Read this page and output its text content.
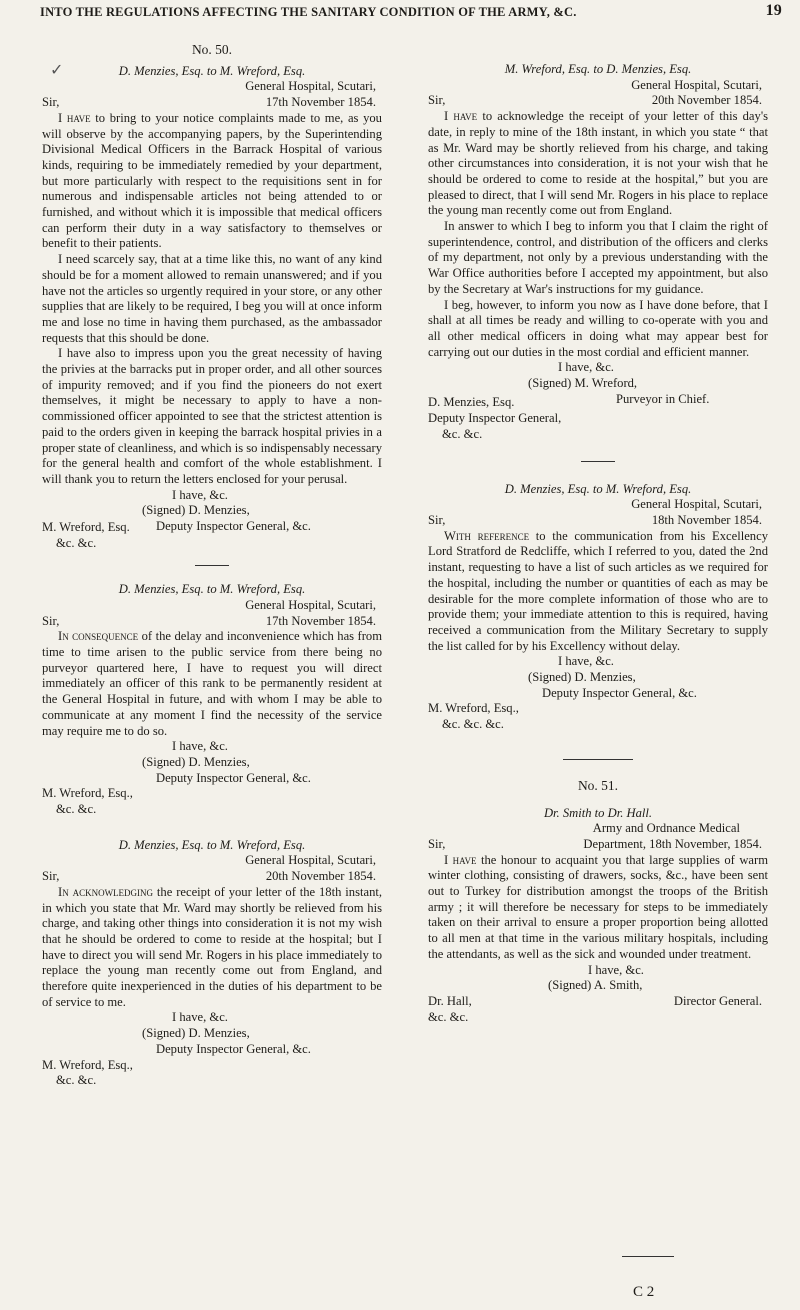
INTO THE REGULATIONS AFFECTING THE SANITARY CONDITION OF THE ARMY, &C.	19
✓
No. 50.
D. Menzies, Esq. to M. Wreford, Esq.
General Hospital, Scutari,
Sir,	17th November 1854.

I have to bring to your notice complaints made to me, as you will observe by the accompanying papers, by the Superintending Divisional Medical Officers in the Barrack Hospital of various kinds, requiring to be immediately remedied by your department, but more particularly with respect to the requisitions sent in for numerous and indispensable articles not being attended to or furnished, and without which it is impossible that medical officers can perform their duty in a way satisfactory to themselves or benefit to their patients.

I need scarcely say, that at a time like this, no want of any kind should be for a moment allowed to remain unanswered; and if you have not the articles so urgently required in your store, or any other supplies that are likely to be required, I beg you will at once inform me and lose no time in having them purchased, as the ambassador requests that this should be done.

I have also to impress upon you the great necessity of having the privies at the barracks put in proper order, and all other sources of impurity removed; and if you find the pioneers do not exert themselves, it might be necessary to apply to have a non-commissioned officer appointed to see that the strictest attention is paid to the orders given in keeping the barrack hospital privies in a proper state of cleanliness, and which is so indispensably necessary for the general health and comfort of the whole establishment. I will thank you to return the letters enclosed for your perusal.

I have, &c.
(Signed) D. Menzies,
Deputy Inspector General, &c.
M. Wreford, Esq.
&c. &c.
D. Menzies, Esq. to M. Wreford, Esq.
General Hospital, Scutari,
Sir,	17th November 1854.

In consequence of the delay and inconvenience which has from time to time arisen to the public service from there being no purveyor quartered here, I have to request you will direct immediately an officer of this rank to be permanently resident at the General Hospital in future, and with whom I may be able to communicate at any moment I find the necessity of the service may require me to do so.

I have, &c.
(Signed) D. Menzies,
Deputy Inspector General, &c.
M. Wreford, Esq.,
&c. &c.
D. Menzies, Esq. to M. Wreford, Esq.
General Hospital, Scutari,
Sir,	20th November 1854.

In acknowledging the receipt of your letter of the 18th instant, in which you state that Mr. Ward may shortly be relieved from his charge, and taking other things into consideration it is not my wish that he should be ordered to come to reside at the hospital; but I have to direct you will send Mr. Rogers in his place immediately to replace the young man recently come out from England, and therefore quite inexperienced in the duties of his department to be of service to me.

I have, &c.
(Signed) D. Menzies,
Deputy Inspector General, &c.
M. Wreford, Esq.,
&c. &c.
M. Wreford, Esq. to D. Menzies, Esq.
General Hospital, Scutari,
Sir,	20th November 1854.

I have to acknowledge the receipt of your letter of this day's date, in reply to mine of the 18th instant, in which you state “ that as Mr. Ward may be shortly relieved from his charge, and taking other circumstances into consideration, it is not your wish that he should be ordered to come to reside at the hospital,” but you are pleased to direct, that I will send Mr. Rogers in his place to replace the young man recently come out from England.

In answer to which I beg to inform you that I claim the right of superintendence, control, and distribution of the officers and clerks of my department, not only by a previous understanding with the War Office authorities before I accepted my appointment, but also by the Secretary at War's instructions for my guidance.

I beg, however, to inform you now as I have done before, that I shall at all times be ready and willing to co-operate with you and all other medical officers in doing what may appear best for carrying out our duties in the most cordial and efficient manner.

I have, &c.
(Signed) M. Wreford,
Purveyor in Chief.
D. Menzies, Esq.
Deputy Inspector General,
&c. &c.
D. Menzies, Esq. to M. Wreford, Esq.
General Hospital, Scutari,
Sir,	18th November 1854.

With reference to the communication from his Excellency Lord Stratford de Redcliffe, which I referred to you, dated the 2nd instant, requesting to have a list of such articles as we required for the hospital, including the number or quantities of each as may be desirable for the more complete information of those who are to provide them; your immediate attention to this is required, having received a communication from the Military Secretary to supply the list called for by his Excellency without delay.

I have, &c.
(Signed) D. Menzies,
Deputy Inspector General, &c.
M. Wreford, Esq.,
&c. &c. &c.
No. 51.
Dr. Smith to Dr. Hall.
Army and Ordnance Medical
Sir,	Department, 18th November, 1854.

I have the honour to acquaint you that large supplies of warm winter clothing, consisting of drawers, socks, &c., have been sent out to Turkey for distribution amongst the troops of the British army ; it will therefore be necessary for steps to be immediately taken on their arrival to ensure a proper proportion being allotted to all men at that time in the various military hospitals, including the attendants, as well as the sick and wounded under treatment.

I have, &c.
(Signed) A. Smith,
Dr. Hall,	Director General.
&c. &c.
C 2
